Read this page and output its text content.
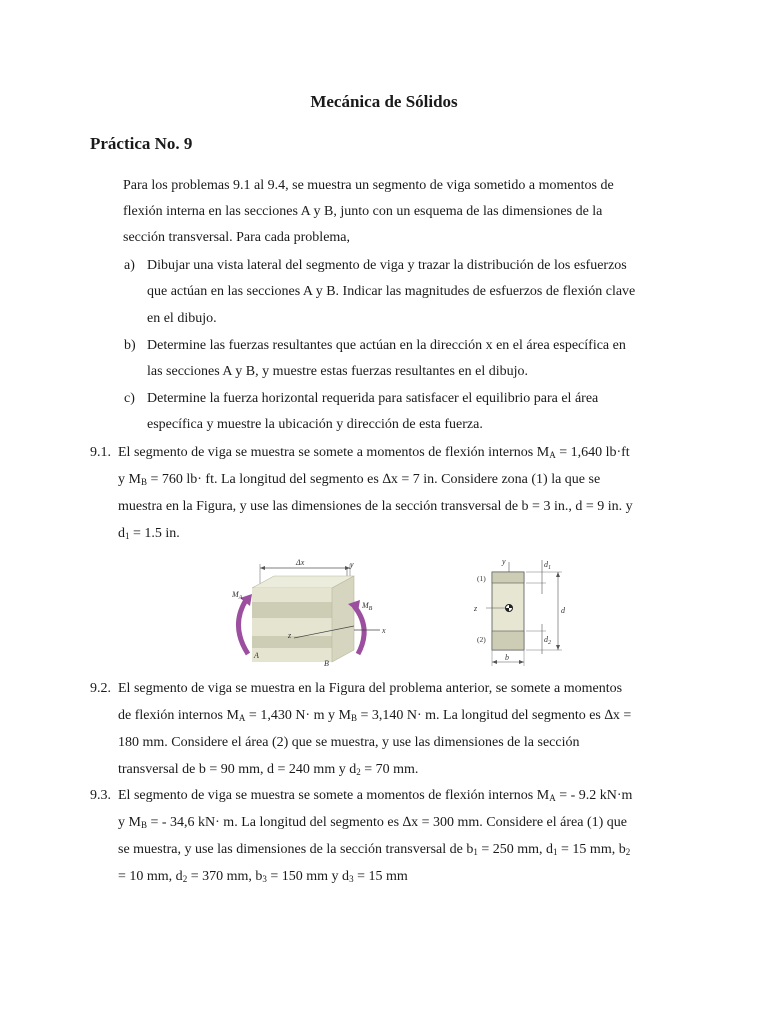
Mecánica de Sólidos
Práctica No. 9
Para los problemas 9.1 al 9.4, se muestra un segmento de viga sometido a momentos de
flexión interna en las secciones A y B, junto con un esquema de las dimensiones de la
sección transversal. Para cada problema,
a) Dibujar una vista lateral del segmento de viga y trazar la distribución de los esfuerzos
que actúan en las secciones A y B. Indicar las magnitudes de esfuerzos de flexión clave
en el dibujo.
b) Determine las fuerzas resultantes que actúan en la dirección x en el área específica en
las secciones A y B, y muestre estas fuerzas resultantes en el dibujo.
c) Determine la fuerza horizontal requerida para satisfacer el equilibrio para el área
específica y muestre la ubicación y dirección de esta fuerza.
9.1. El segmento de viga se muestra se somete a momentos de flexión internos $M_A = 1,640$ lb·ft
y $M_B = 760$ lb· ft. La longitud del segmento es ∆x = 7 in. Considere zona (1) la que se
muestra en la Figura, y use las dimensiones de la sección transversal de b = 3 in., d = 9 in. y
$d_1 = 1.5$ in.
Δx	y
z
x
$M_A$
$M_B$
A
B
y
z
(1)
(2)
$d_1$
d
$d_2$
b
9.2. El segmento de viga se muestra en la Figura del problema anterior, se somete a momentos
de flexión internos $M_A = 1,430$ N· m y $M_B = 3,140$ N· m. La longitud del segmento es ∆x =
180 mm. Considere el área (2) que se muestra, y use las dimensiones de la sección
transversal de b = 90 mm, d = 240 mm y $d_2 = 70$ mm.
9.3. El segmento de viga se muestra se somete a momentos de flexión internos $M_A$ = - 9.2 kN·m
y $M_B$ = - 34,6 kN· m. La longitud del segmento es ∆x = 300 mm. Considere el área (1) que
se muestra, y use las dimensiones de la sección transversal de $b_1 = 250$ mm, $d_1 = 15$ mm, $b_2$
= 10 mm, $d_2 = 370$ mm, $b_3 = 150$ mm y $d_3 = 15$ mm
